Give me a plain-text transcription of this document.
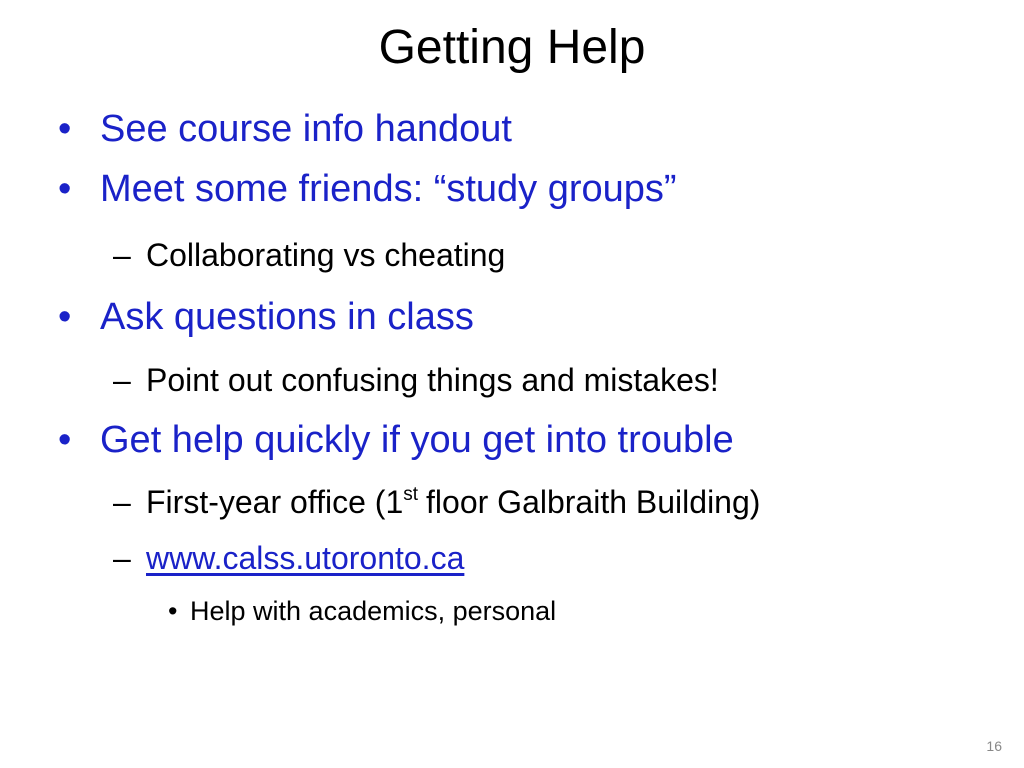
Getting Help
• See course info handout
• Meet some friends: “study groups”
– Collaborating vs cheating
• Ask questions in class
– Point out confusing things and mistakes!
• Get help quickly if you get into trouble
– First-year office (1 st floor Galbraith Building)
– www.calss.utoronto.ca
• Help with academics, personal
16
